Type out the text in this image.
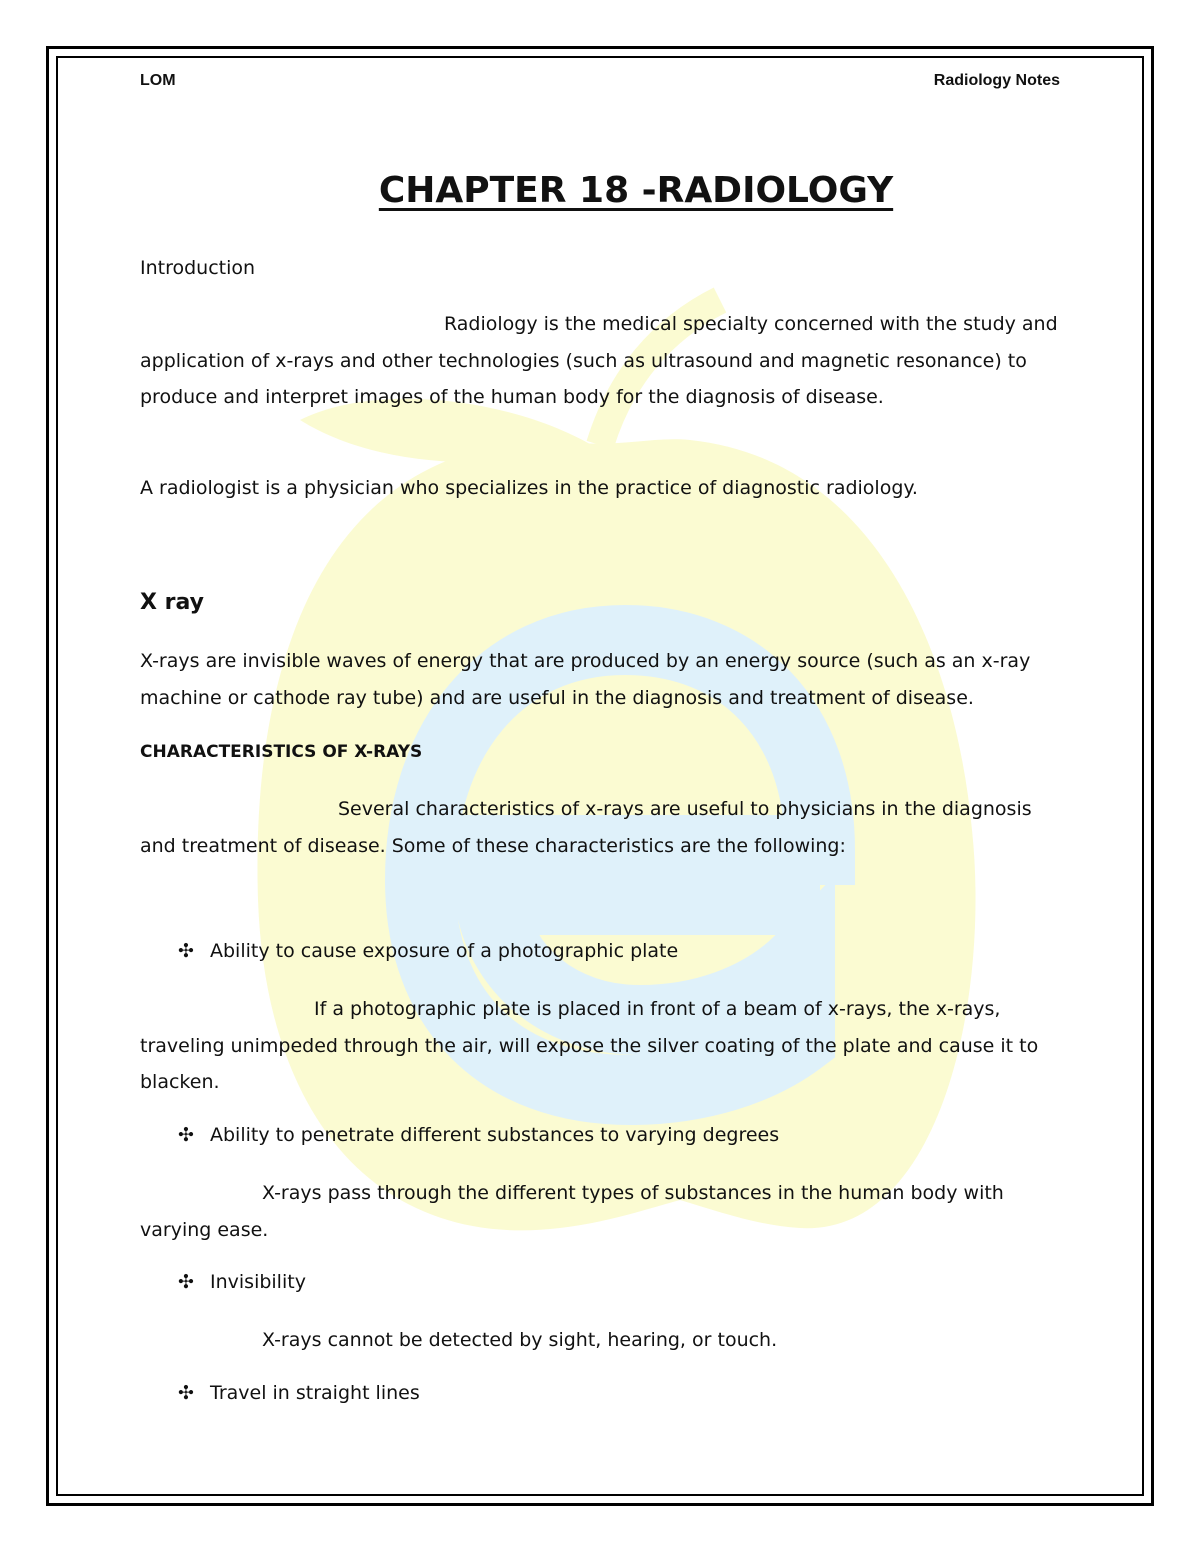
LOM	Radiology Notes
CHAPTER 18 -RADIOLOGY
Introduction
Radiology is the medical specialty concerned with the study and application of x-rays and other technologies (such as ultrasound and magnetic resonance) to produce and interpret images of the human body for the diagnosis of disease.
A radiologist is a physician who specializes in the practice of diagnostic radiology.
X ray
X-rays are invisible waves of energy that are produced by an energy source (such as an x-ray machine or cathode ray tube) and are useful in the diagnosis and treatment of disease.
CHARACTERISTICS OF X-RAYS
Several characteristics of x-rays are useful to physicians in the diagnosis and treatment of disease. Some of these characteristics are the following:
✣ Ability to cause exposure of a photographic plate
If a photographic plate is placed in front of a beam of x-rays, the x-rays, traveling unimpeded through the air, will expose the silver coating of the plate and cause it to blacken.
✣ Ability to penetrate different substances to varying degrees
X-rays pass through the different types of substances in the human body with varying ease.
✣ Invisibility
X-rays cannot be detected by sight, hearing, or touch.
✣ Travel in straight lines
